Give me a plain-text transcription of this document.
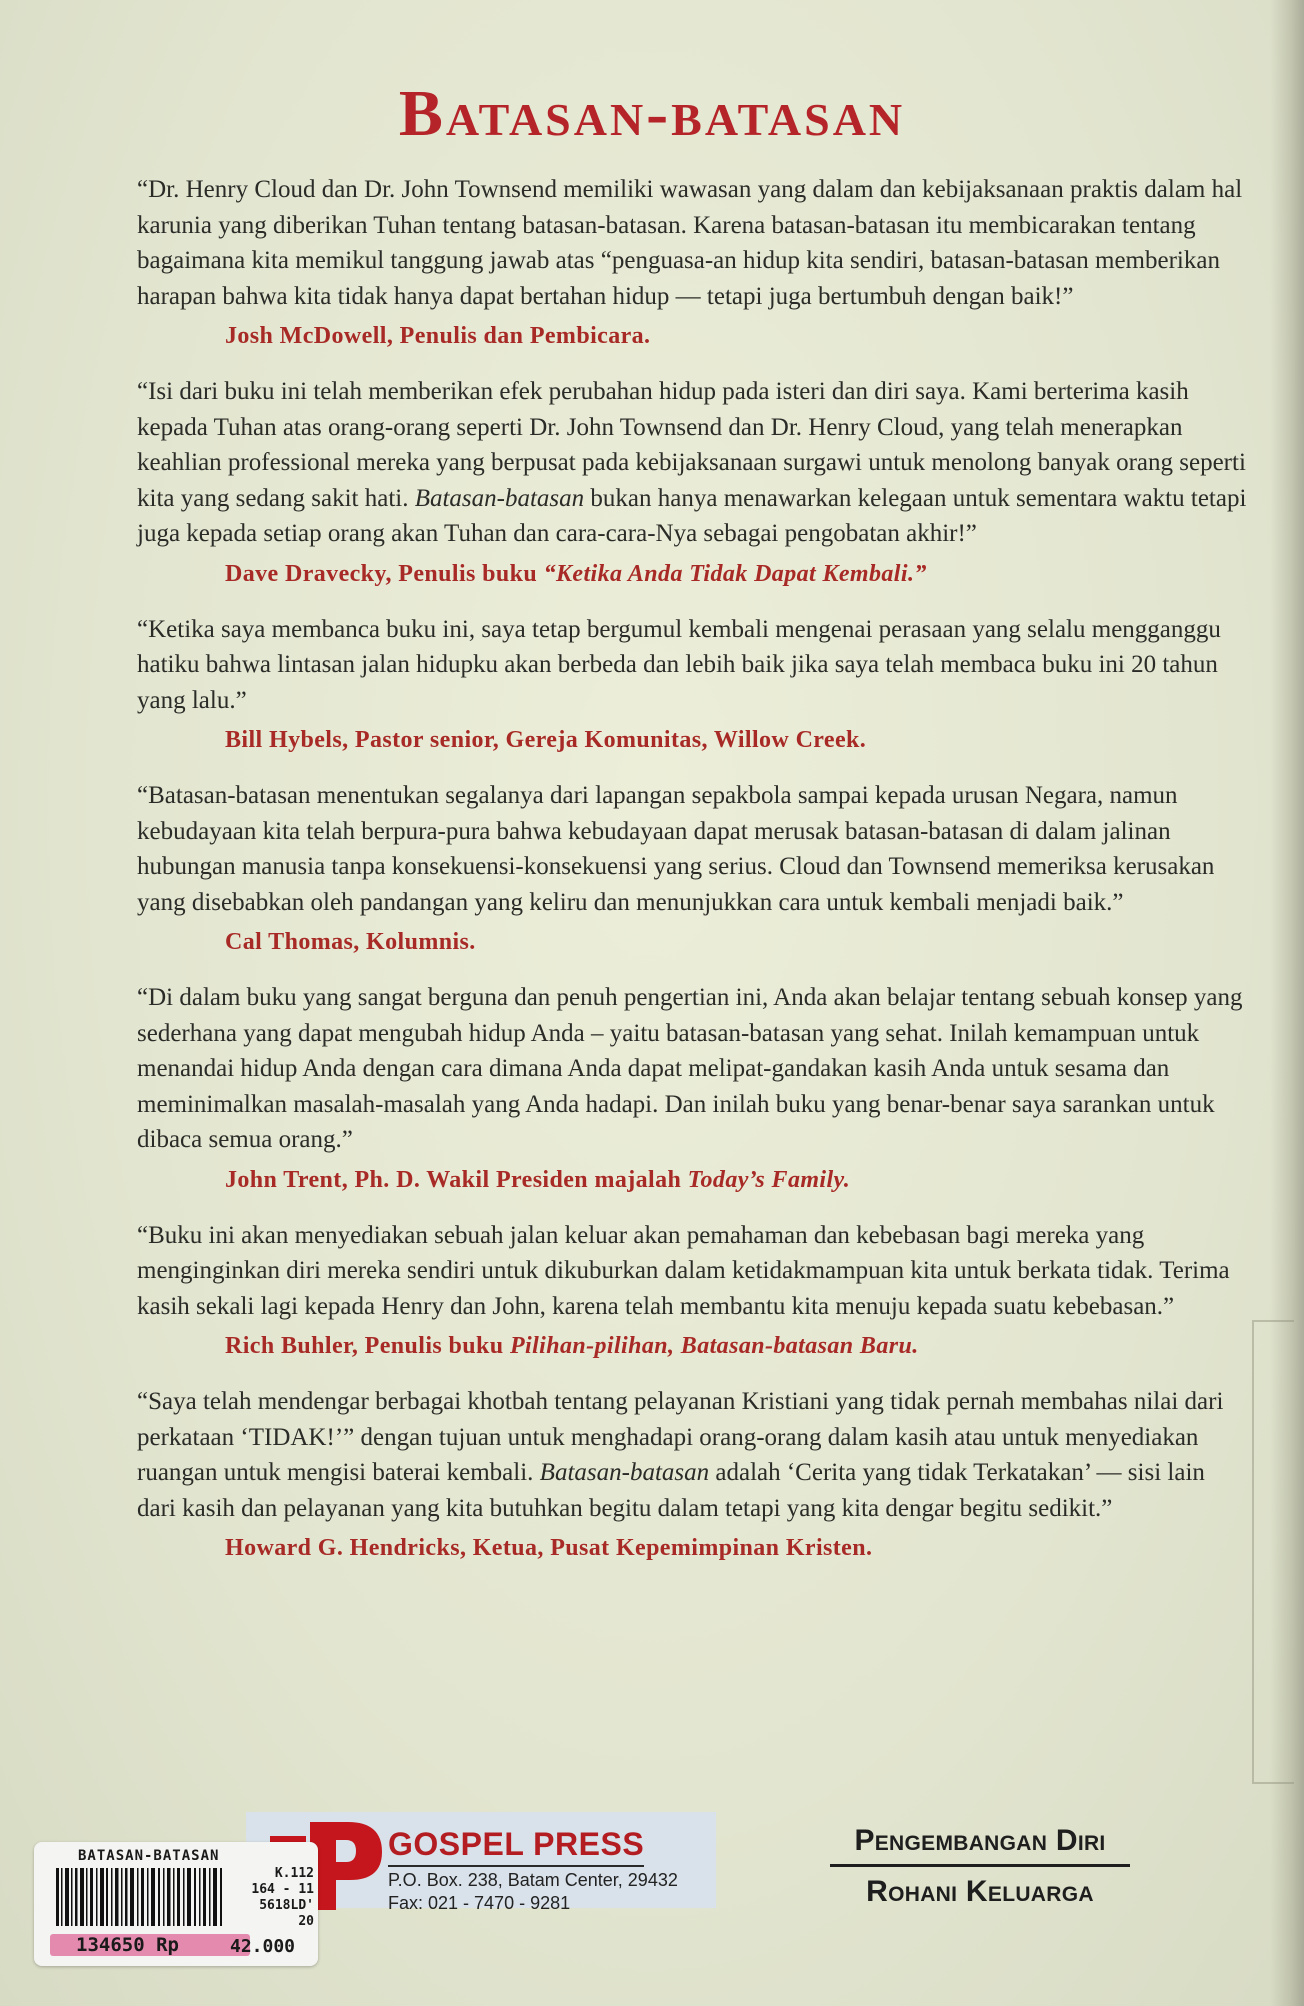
Batasan-batasan

“Dr. Henry Cloud dan Dr. John Townsend memiliki wawasan yang dalam dan kebijaksanaan praktis dalam hal karunia yang diberikan Tuhan tentang batasan-batasan. Karena batasan-batasan itu membicarakan tentang bagaimana kita memikul tanggung jawab atas “penguasa-an hidup kita sendiri, batasan-batasan memberikan harapan bahwa kita tidak hanya dapat bertahan hidup — tetapi juga bertumbuh dengan baik!”

Josh McDowell, Penulis dan Pembicara.

“Isi dari buku ini telah memberikan efek perubahan hidup pada isteri dan diri saya. Kami berterima kasih kepada Tuhan atas orang-orang seperti Dr. John Townsend dan Dr. Henry Cloud, yang telah menerapkan keahlian professional mereka yang berpusat pada kebijaksanaan surgawi untuk menolong banyak orang seperti kita yang sedang sakit hati. Batasan-batasan bukan hanya menawarkan kelegaan untuk sementara waktu tetapi juga kepada setiap orang akan Tuhan dan cara-cara-Nya sebagai pengobatan akhir!”

Dave Dravecky, Penulis buku “Ketika Anda Tidak Dapat Kembali.”

“Ketika saya membanca buku ini, saya tetap bergumul kembali mengenai perasaan yang selalu mengganggu hatiku bahwa lintasan jalan hidupku akan berbeda dan lebih baik jika saya telah membaca buku ini 20 tahun yang lalu.”

Bill Hybels, Pastor senior, Gereja Komunitas, Willow Creek.

“Batasan-batasan menentukan segalanya dari lapangan sepakbola sampai kepada urusan Negara, namun kebudayaan kita telah berpura-pura bahwa kebudayaan dapat merusak batasan-batasan di dalam jalinan hubungan manusia tanpa konsekuensi-konsekuensi yang serius. Cloud dan Townsend memeriksa kerusakan yang disebabkan oleh pandangan yang keliru dan menunjukkan cara untuk kembali menjadi baik.”

Cal Thomas, Kolumnis.

“Di dalam buku yang sangat berguna dan penuh pengertian ini, Anda akan belajar tentang sebuah konsep yang sederhana yang dapat mengubah hidup Anda – yaitu batasan-batasan yang sehat. Inilah kemampuan untuk menandai hidup Anda dengan cara dimana Anda dapat melipat-gandakan kasih Anda untuk sesama dan meminimalkan masalah-masalah yang Anda hadapi. Dan inilah buku yang benar-benar saya sarankan untuk dibaca semua orang.”

John Trent, Ph. D. Wakil Presiden majalah Today’s Family.

“Buku ini akan menyediakan sebuah jalan keluar akan pemahaman dan kebebasan bagi mereka yang menginginkan diri mereka sendiri untuk dikuburkan dalam ketidakmampuan kita untuk berkata tidak. Terima kasih sekali lagi kepada Henry dan John, karena telah membantu kita menuju kepada suatu kebebasan.”

Rich Buhler, Penulis buku Pilihan-pilihan, Batasan-batasan Baru.

“Saya telah mendengar berbagai khotbah tentang pelayanan Kristiani yang tidak pernah membahas nilai dari perkataan ‘TIDAK!’” dengan tujuan untuk menghadapi orang-orang dalam kasih atau untuk menyediakan ruangan untuk mengisi baterai kembali. Batasan-batasan adalah ‘Cerita yang tidak Terkatakan’ — sisi lain dari kasih dan pelayanan yang kita butuhkan begitu dalam tetapi yang kita dengar begitu sedikit.”

Howard G. Hendricks, Ketua, Pusat Kepemimpinan Kristen.

GOSPEL PRESS
P.O. Box. 238, Batam Center, 29432
Fax: 021 - 7470 - 9281
Pengembangan Diri
Rohani Keluarga
BATASAN-BATASAN
K.112
164 - 11
5618LD'
20
134650 Rp	42.000
